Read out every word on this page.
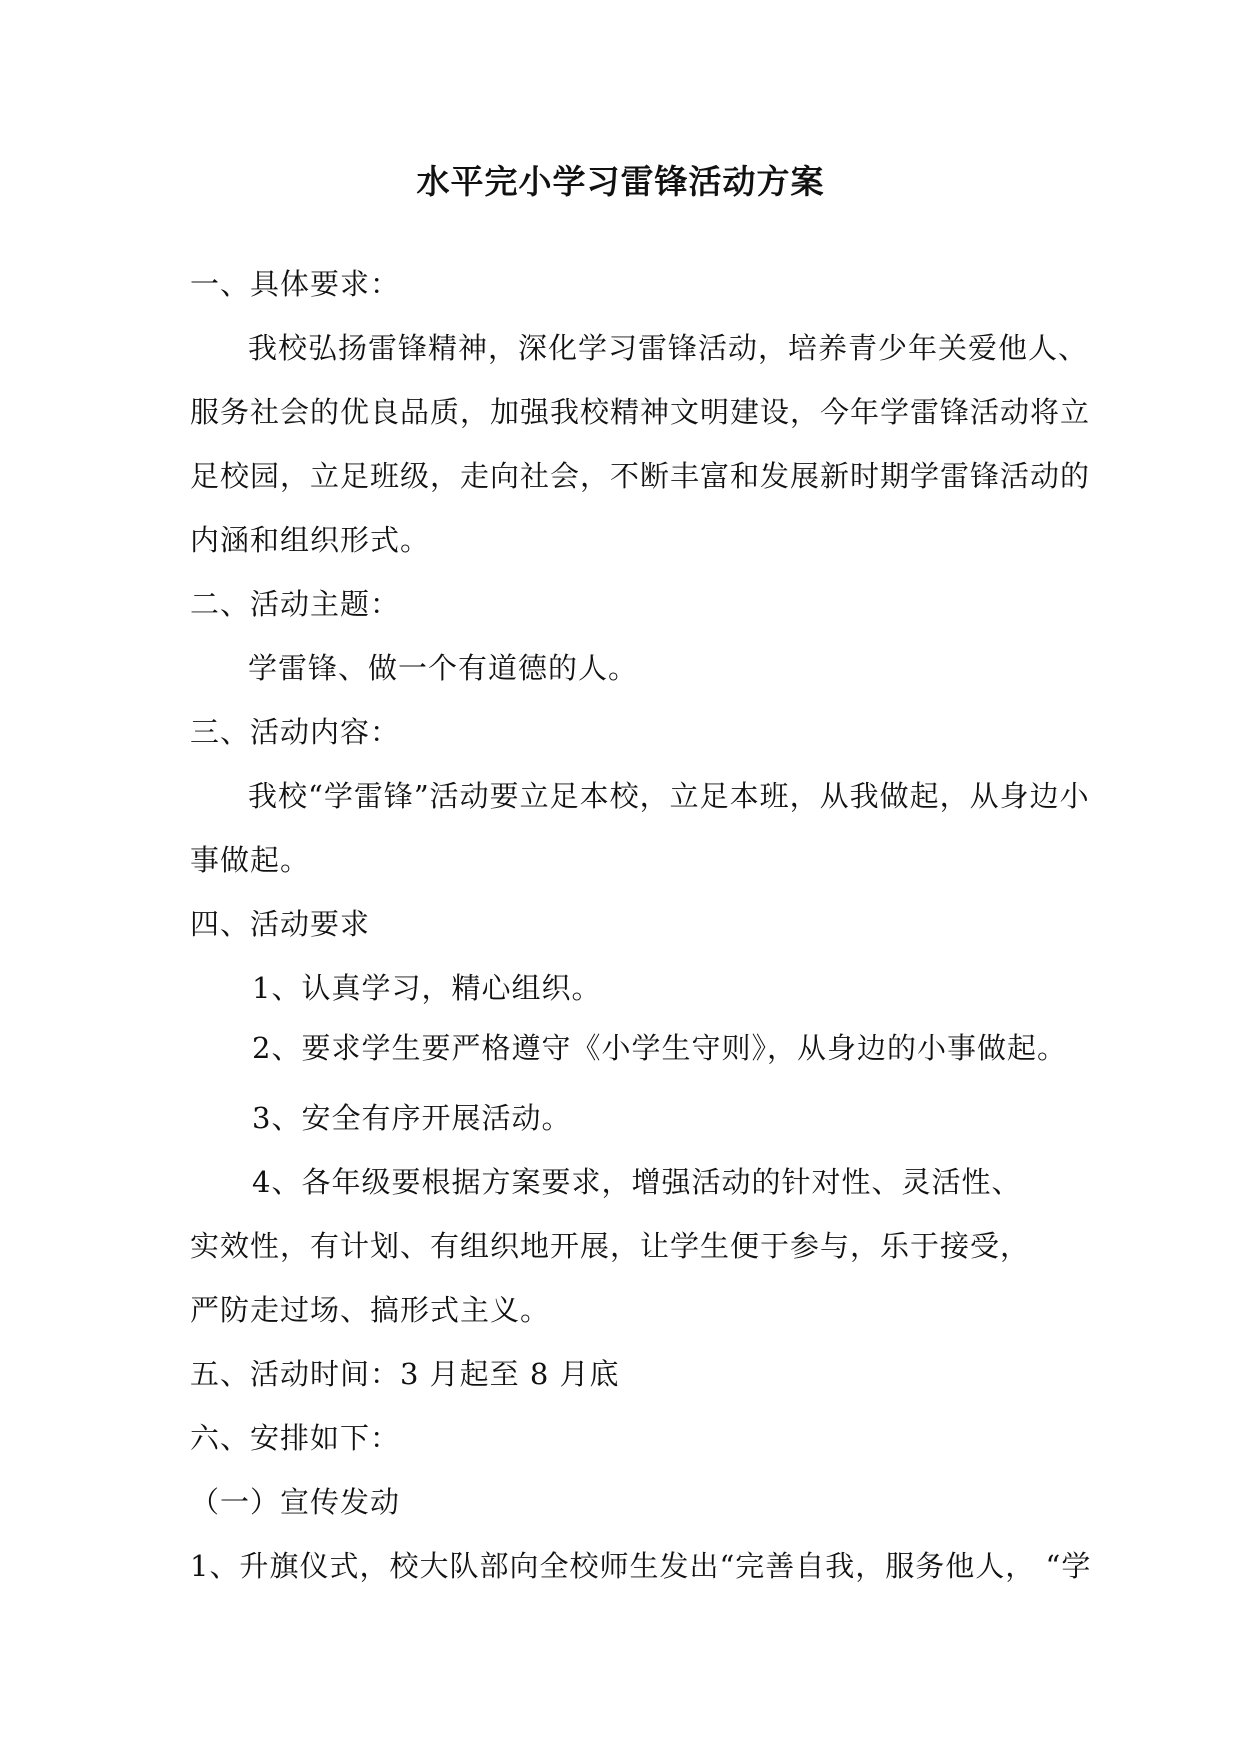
水平完小学习雷锋活动方案
一、具体要求：
我校弘扬雷锋精神，深化学习雷锋活动，培养青少年关爱他人、
服务社会的优良品质，加强我校精神文明建设，今年学雷锋活动将立
足校园，立足班级，走向社会，不断丰富和发展新时期学雷锋活动的
内涵和组织形式。
二、活动主题：
学雷锋、做一个有道德的人。
三、活动内容：
我校“学雷锋”活动要立足本校，立足本班，从我做起，从身边小
事做起。
四、活动要求
1、认真学习，精心组织。
2、要求学生要严格遵守《小学生守则》，从身边的小事做起。
3、安全有序开展活动。
4、各年级要根据方案要求，增强活动的针对性、灵活性、
实效性，有计划、有组织地开展，让学生便于参与，乐于接受，
严防走过场、搞形式主义。
五、活动时间：3 月起至 8 月底
六、安排如下：
（一）宣传发动
1、升旗仪式，校大队部向全校师生发出“完善自我，服务他人， “学
